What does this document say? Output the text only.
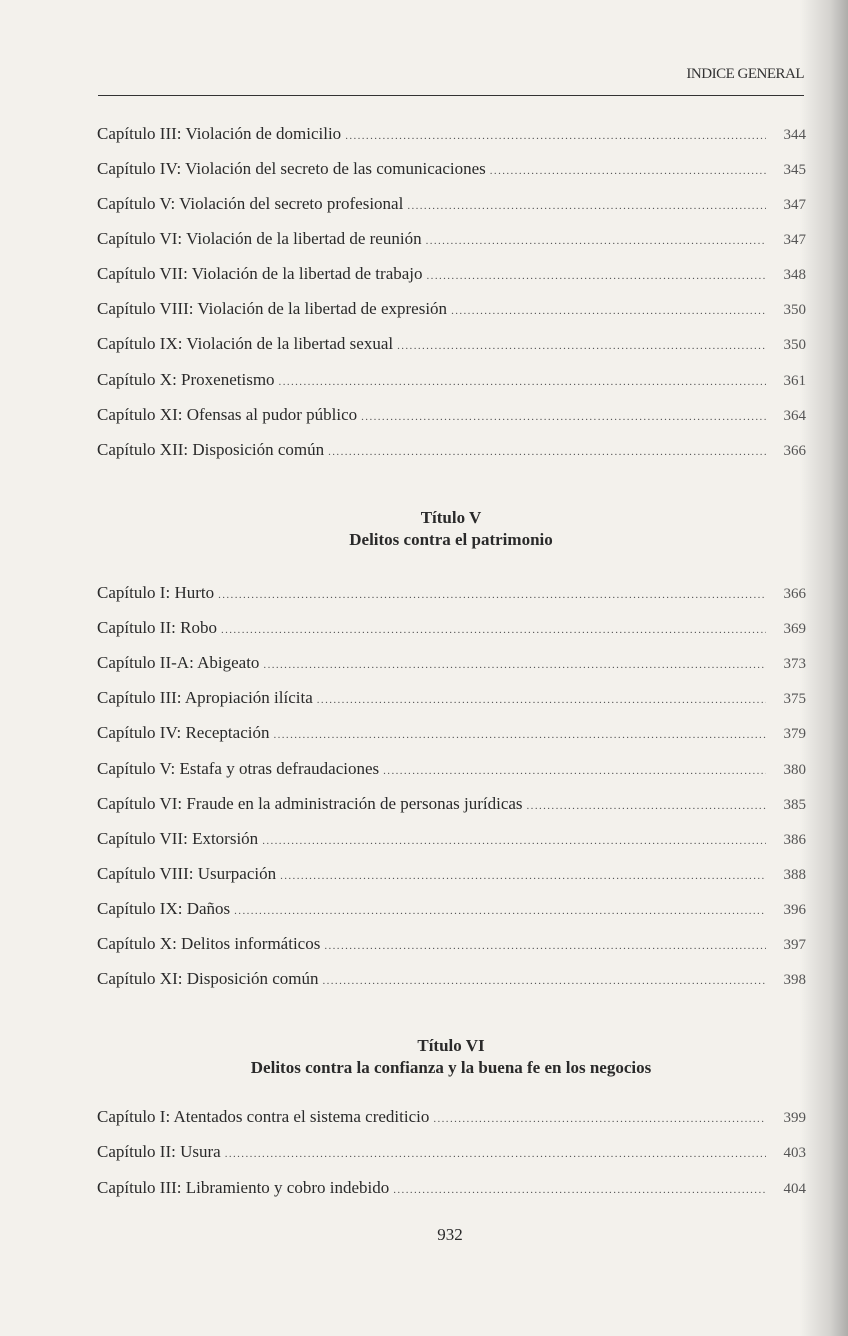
INDICE GENERAL
Capítulo III: Violación de domicilio .....	344
Capítulo IV: Violación del secreto de las comunicaciones .....	345
Capítulo V: Violación del secreto profesional .....	347
Capítulo VI: Violación de la libertad de reunión .....	347
Capítulo VII: Violación de la libertad de trabajo .....	348
Capítulo VIII: Violación de la libertad de expresión .....	350
Capítulo IX: Violación de la libertad sexual .....	350
Capítulo X: Proxenetismo .....	361
Capítulo XI: Ofensas al pudor público .....	364
Capítulo XII: Disposición común .....	366
Título V
Delitos contra el patrimonio
Capítulo I: Hurto .....	366
Capítulo II: Robo .....	369
Capítulo II-A: Abigeato .....	373
Capítulo III: Apropiación ilícita .....	375
Capítulo IV: Receptación .....	379
Capítulo V: Estafa y otras defraudaciones .....	380
Capítulo VI: Fraude en la administración de personas jurídicas .....	385
Capítulo VII: Extorsión .....	386
Capítulo VIII: Usurpación .....	388
Capítulo IX: Daños .....	396
Capítulo X: Delitos informáticos .....	397
Capítulo XI: Disposición común .....	398
Título VI
Delitos contra la confianza y la buena fe en los negocios
Capítulo I: Atentados contra el sistema crediticio .....	399
Capítulo II: Usura .....	403
Capítulo III: Libramiento y cobro indebido .....	404
932
